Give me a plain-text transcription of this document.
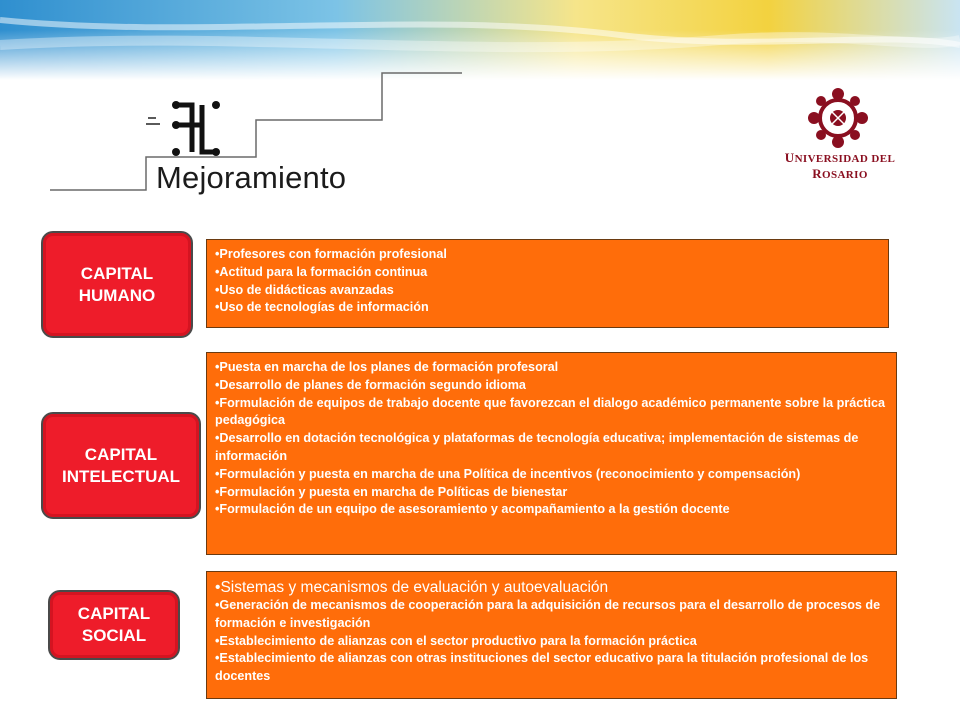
Mejoramiento
UNIVERSIDAD DEL ROSARIO
CAPITAL
HUMANO
• Profesores con formación profesional
• Actitud para la formación continua
• Uso de didácticas avanzadas
• Uso de tecnologías de información
CAPITAL
INTELECTUAL
• Puesta en marcha de los planes de formación profesoral
• Desarrollo de planes de formación segundo idioma
• Formulación de equipos de trabajo docente que favorezcan el dialogo académico permanente sobre la práctica pedagógica
• Desarrollo en dotación tecnológica y plataformas de tecnología educativa; implementación de sistemas de información
• Formulación y puesta en marcha de una Política de incentivos (reconocimiento y compensación)
• Formulación y puesta en marcha de Políticas de bienestar
• Formulación de un equipo de asesoramiento y acompañamiento a la gestión docente
CAPITAL
SOCIAL
• Sistemas y mecanismos de evaluación y autoevaluación
• Generación de mecanismos de cooperación para la adquisición de recursos para el desarrollo de procesos de formación e investigación
• Establecimiento de alianzas con el sector productivo para la formación práctica
• Establecimiento de alianzas con otras instituciones del sector educativo para la titulación profesional de los docentes
